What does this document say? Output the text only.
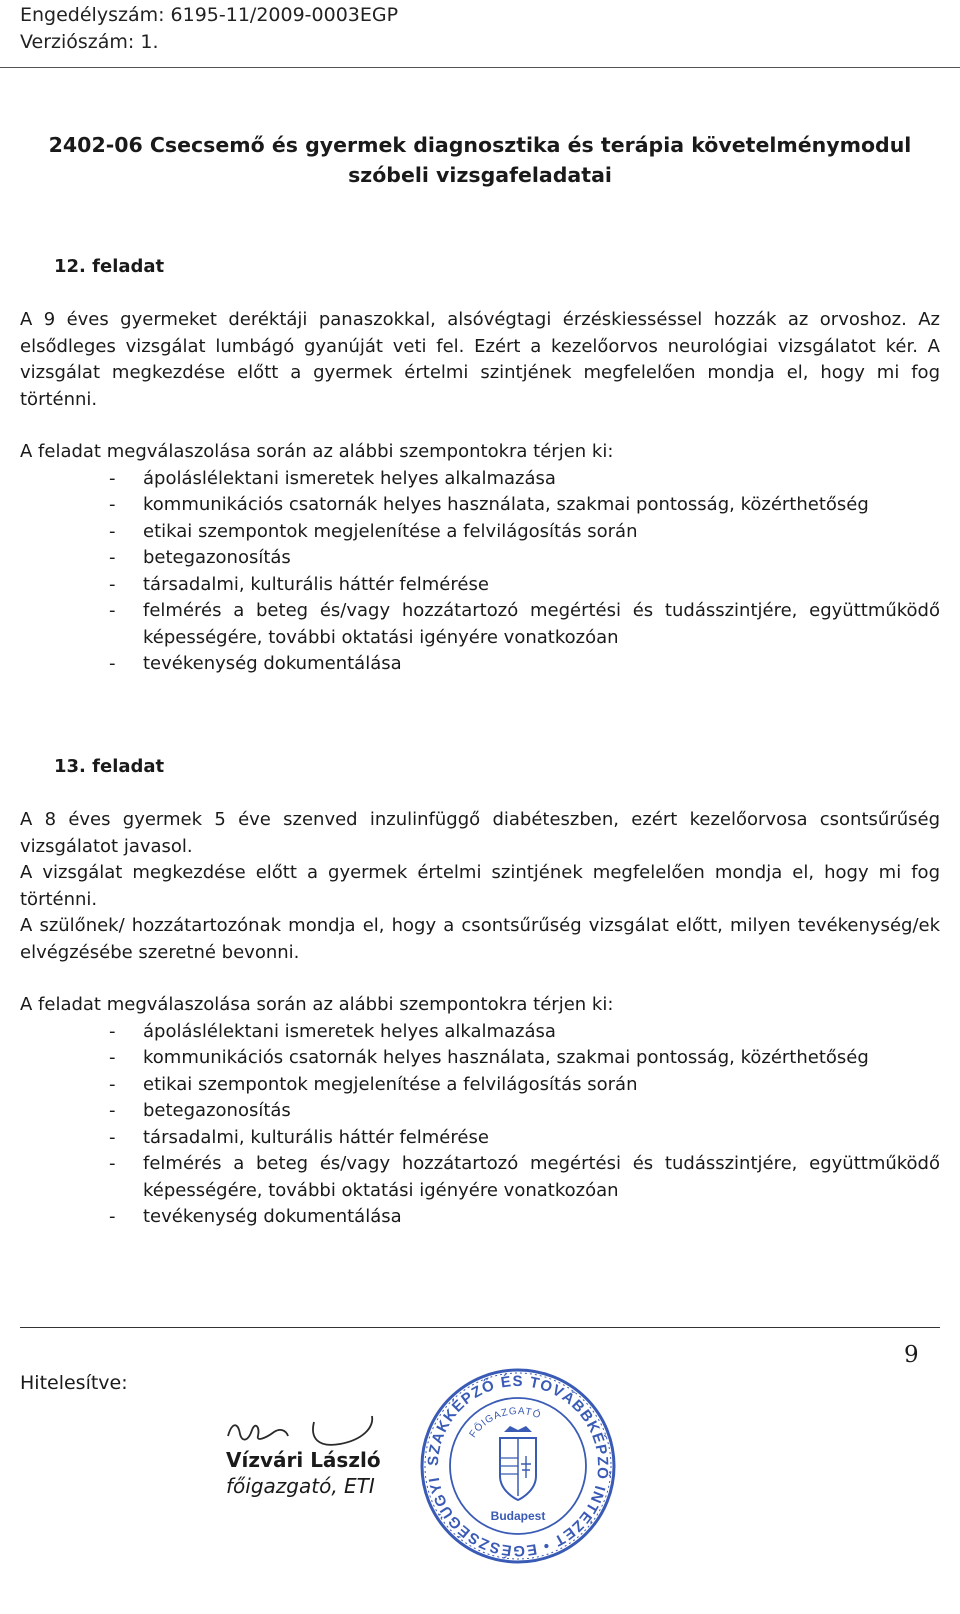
Engedélyszám: 6195-11/2009-0003EGP
Verziószám: 1.
2402-06 Csecsemő és gyermek diagnosztika és terápia követelménymodul
szóbeli vizsgafeladatai
12. feladat

A 9 éves gyermeket deréktáji panaszokkal, alsóvégtagi érzéskiesséssel hozzák az orvoshoz. Az elsődleges vizsgálat lumbágó gyanúját veti fel. Ezért a kezelőorvos neurológiai vizsgálatot kér. A vizsgálat megkezdése előtt a gyermek értelmi szintjének megfelelően mondja el, hogy mi fog történni.

A feladat megválaszolása során az alábbi szempontokra térjen ki:
- ápoláslélektani ismeretek helyes alkalmazása
- kommunikációs csatornák helyes használata, szakmai pontosság, közérthetőség
- etikai szempontok megjelenítése a felvilágosítás során
- betegazonosítás
- társadalmi, kulturális háttér felmérése
- felmérés a beteg és/vagy hozzátartozó megértési és tudásszintjére, együttműködő képességére, további oktatási igényére vonatkozóan
- tevékenység dokumentálása
13. feladat

A 8 éves gyermek 5 éve szenved inzulinfüggő diabéteszben, ezért kezelőorvosa csontsűrűség vizsgálatot javasol.

A vizsgálat megkezdése előtt a gyermek értelmi szintjének megfelelően mondja el, hogy mi fog történni.

A szülőnek/ hozzátartozónak mondja el, hogy a csontsűrűség vizsgálat előtt, milyen tevékenység/ek elvégzésébe szeretné bevonni.

A feladat megválaszolása során az alábbi szempontokra térjen ki:
- ápoláslélektani ismeretek helyes alkalmazása
- kommunikációs csatornák helyes használata, szakmai pontosság, közérthetőség
- etikai szempontok megjelenítése a felvilágosítás során
- betegazonosítás
- társadalmi, kulturális háttér felmérése
- felmérés a beteg és/vagy hozzátartozó megértési és tudásszintjére, együttműködő képességére, további oktatási igényére vonatkozóan
- tevékenység dokumentálása
9
Hitelesítve:
Vízvári László
főigazgató, ETI
SZAKKÉPZŐ ÉS TOVÁBBKÉPZŐ INTÉZET • EGÉSZSÉGÜGYI
FŐIGAZGATÓ
Budapest
